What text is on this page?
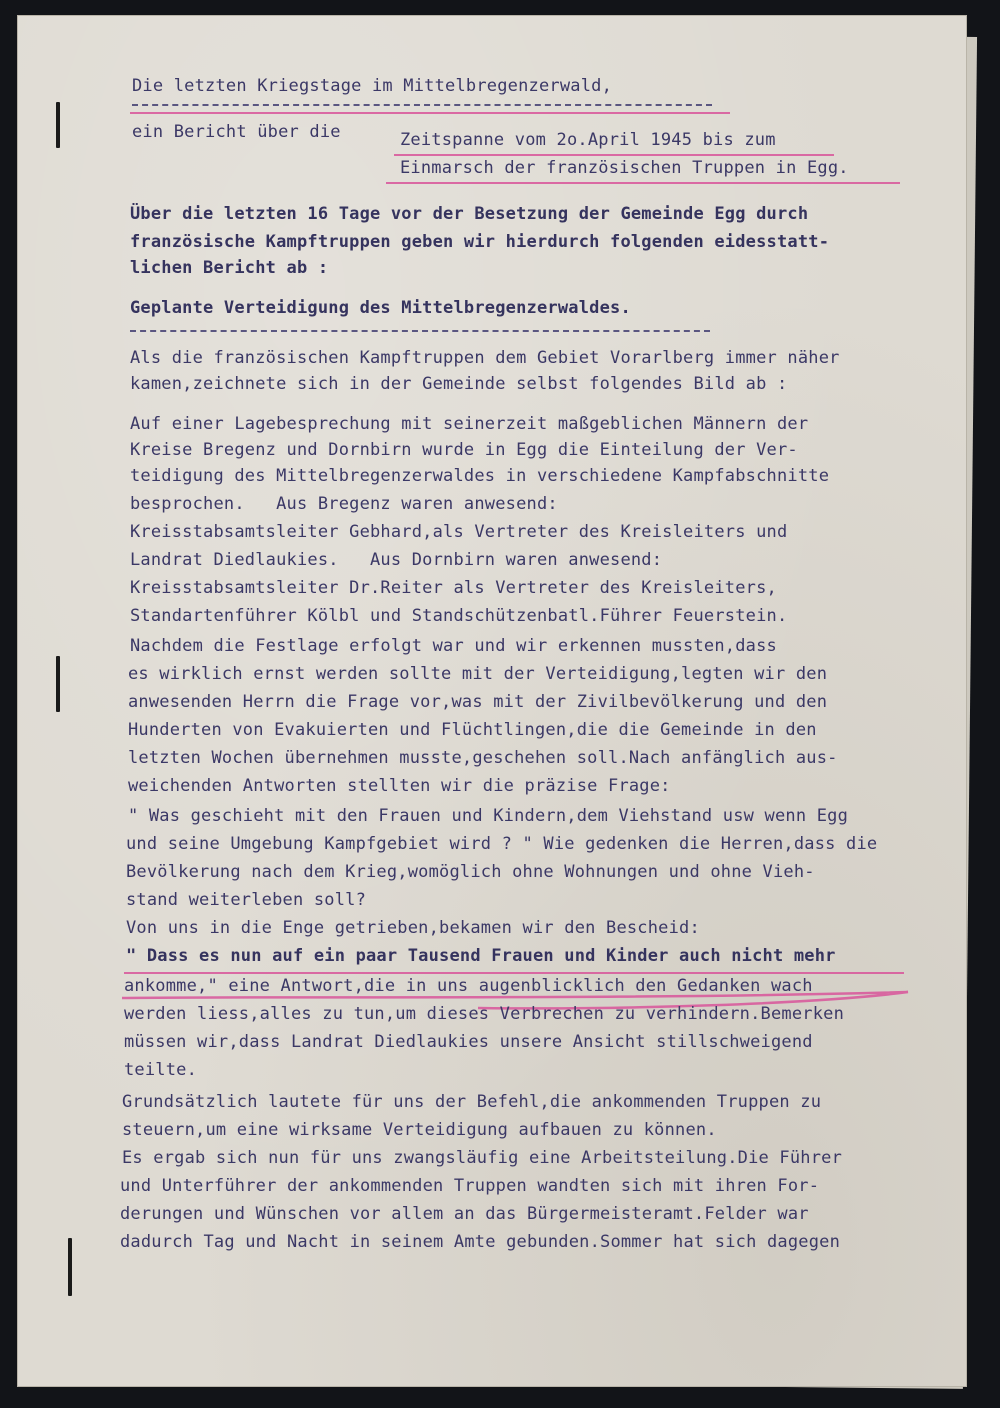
Die letzten Kriegstage im Mittelbregenzerwald,
ein Bericht über die	Zeitspanne vom 2o.April 1945 bis zum
Einmarsch der französischen Truppen in Egg.
Über die letzten 16 Tage vor der Besetzung der Gemeinde Egg durch
französische Kampftruppen geben wir hierdurch folgenden eidesstatt-
lichen Bericht ab :
Geplante Verteidigung des Mittelbregenzerwaldes.
Als die französischen Kampftruppen dem Gebiet Vorarlberg immer näher
kamen,zeichnete sich in der Gemeinde selbst folgendes Bild ab :
Auf einer Lagebesprechung mit seinerzeit maßgeblichen Männern der
Kreise Bregenz und Dornbirn wurde in Egg die Einteilung der Ver-
teidigung des Mittelbregenzerwaldes in verschiedene Kampfabschnitte
besprochen.   Aus Bregenz waren anwesend:
Kreisstabsamtsleiter Gebhard,als Vertreter des Kreisleiters und
Landrat Diedlaukies.   Aus Dornbirn waren anwesend:
Kreisstabsamtsleiter Dr.Reiter als Vertreter des Kreisleiters,
Standartenführer Kölbl und Standschützenbatl.Führer Feuerstein.
Nachdem die Festlage erfolgt war und wir erkennen mussten,dass
es wirklich ernst werden sollte mit der Verteidigung,legten wir den
anwesenden Herrn die Frage vor,was mit der Zivilbevölkerung und den
Hunderten von Evakuierten und Flüchtlingen,die die Gemeinde in den
letzten Wochen übernehmen musste,geschehen soll.Nach anfänglich aus-
weichenden Antworten stellten wir die präzise Frage:
" Was geschieht mit den Frauen und Kindern,dem Viehstand usw wenn Egg
und seine Umgebung Kampfgebiet wird ? " Wie gedenken die Herren,dass die
Bevölkerung nach dem Krieg,womöglich ohne Wohnungen und ohne Vieh-
stand weiterleben soll?
Von uns in die Enge getrieben,bekamen wir den Bescheid:
" Dass es nun auf ein paar Tausend Frauen und Kinder auch nicht mehr
ankomme," eine Antwort,die in uns augenblicklich den Gedanken wach
werden liess,alles zu tun,um dieses Verbrechen zu verhindern.Bemerken
müssen wir,dass Landrat Diedlaukies unsere Ansicht stillschweigend
teilte.
Grundsätzlich lautete für uns der Befehl,die ankommenden Truppen zu
steuern,um eine wirksame Verteidigung aufbauen zu können.
Es ergab sich nun für uns zwangsläufig eine Arbeitsteilung.Die Führer
und Unterführer der ankommenden Truppen wandten sich mit ihren For-
derungen und Wünschen vor allem an das Bürgermeisteramt.Felder war
dadurch Tag und Nacht in seinem Amte gebunden.Sommer hat sich dagegen
